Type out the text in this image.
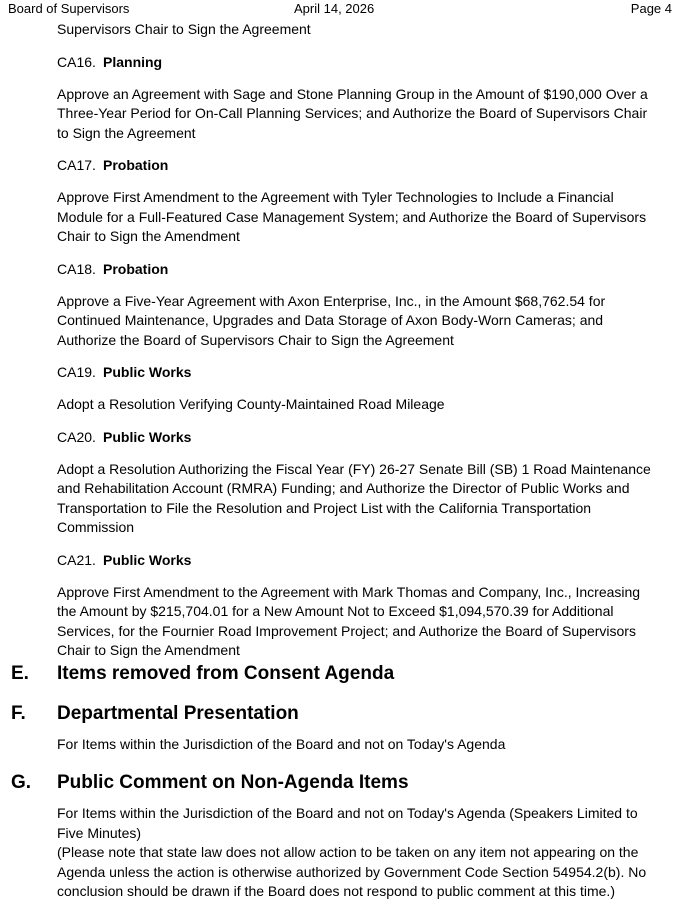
Board of Supervisors	April 14, 2026	Page 4

Supervisors Chair to Sign the Agreement

CA16. Planning

Approve an Agreement with Sage and Stone Planning Group in the Amount of $190,000 Over a
Three-Year Period for On-Call Planning Services; and Authorize the Board of Supervisors Chair
to Sign the Agreement

CA17. Probation

Approve First Amendment to the Agreement with Tyler Technologies to Include a Financial
Module for a Full-Featured Case Management System; and Authorize the Board of Supervisors
Chair to Sign the Amendment

CA18. Probation

Approve a Five-Year Agreement with Axon Enterprise, Inc., in the Amount $68,762.54 for
Continued Maintenance, Upgrades and Data Storage of Axon Body-Worn Cameras; and
Authorize the Board of Supervisors Chair to Sign the Agreement

CA19. Public Works

Adopt a Resolution Verifying County-Maintained Road Mileage

CA20. Public Works

Adopt a Resolution Authorizing the Fiscal Year (FY) 26-27 Senate Bill (SB) 1 Road Maintenance
and Rehabilitation Account (RMRA) Funding; and Authorize the Director of Public Works and
Transportation to File the Resolution and Project List with the California Transportation
Commission

CA21. Public Works

Approve First Amendment to the Agreement with Mark Thomas and Company, Inc., Increasing
the Amount by $215,704.01 for a New Amount Not to Exceed $1,094,570.39 for Additional
Services, for the Fournier Road Improvement Project; and Authorize the Board of Supervisors
Chair to Sign the Amendment

E. Items removed from Consent Agenda
F. Departmental Presentation

For Items within the Jurisdiction of the Board and not on Today's Agenda

G. Public Comment on Non-Agenda Items

For Items within the Jurisdiction of the Board and not on Today's Agenda (Speakers Limited to

Five Minutes)

(Please note that state law does not allow action to be taken on any item not appearing on the

Agenda unless the action is otherwise authorized by Government Code Section 54954.2(b). No

conclusion should be drawn if the Board does not respond to public comment at this time.)
